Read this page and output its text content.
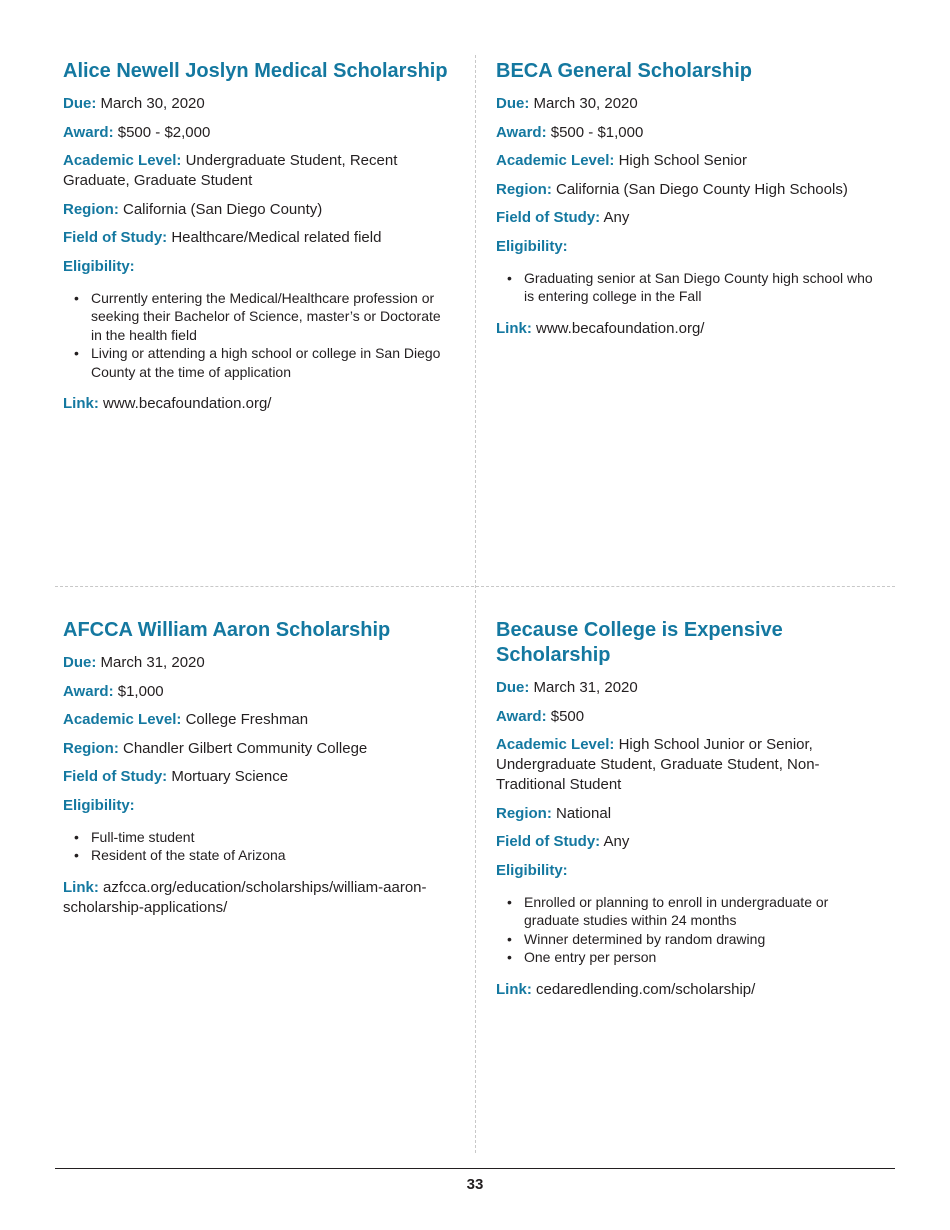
Alice Newell Joslyn Medical Scholarship
Due: March 30, 2020
Award: $500 - $2,000
Academic Level: Undergraduate Student, Recent Graduate, Graduate Student
Region: California (San Diego County)
Field of Study: Healthcare/Medical related field
Eligibility:
• Currently entering the Medical/Healthcare profession or seeking their Bachelor of Science, master’s or Doctorate in the health field
• Living or attending a high school or college in San Diego County at the time of application
Link: www.becafoundation.org/
BECA General Scholarship
Due: March 30, 2020
Award: $500 - $1,000
Academic Level: High School Senior
Region: California (San Diego County High Schools)
Field of Study: Any
Eligibility:
• Graduating senior at San Diego County high school who is entering college in the Fall
Link: www.becafoundation.org/
AFCCA William Aaron Scholarship
Due: March 31, 2020
Award: $1,000
Academic Level: College Freshman
Region: Chandler Gilbert Community College
Field of Study: Mortuary Science
Eligibility:
• Full-time student
• Resident of the state of Arizona
Link: azfcca.org/education/scholarships/william-aaron-scholarship-applications/
Because College is Expensive Scholarship
Due: March 31, 2020
Award: $500
Academic Level: High School Junior or Senior, Undergraduate Student, Graduate Student, Non-Traditional Student
Region: National
Field of Study: Any
Eligibility:
• Enrolled or planning to enroll in undergraduate or graduate studies within 24 months
• Winner determined by random drawing
• One entry per person
Link: cedaredlending.com/scholarship/
33
